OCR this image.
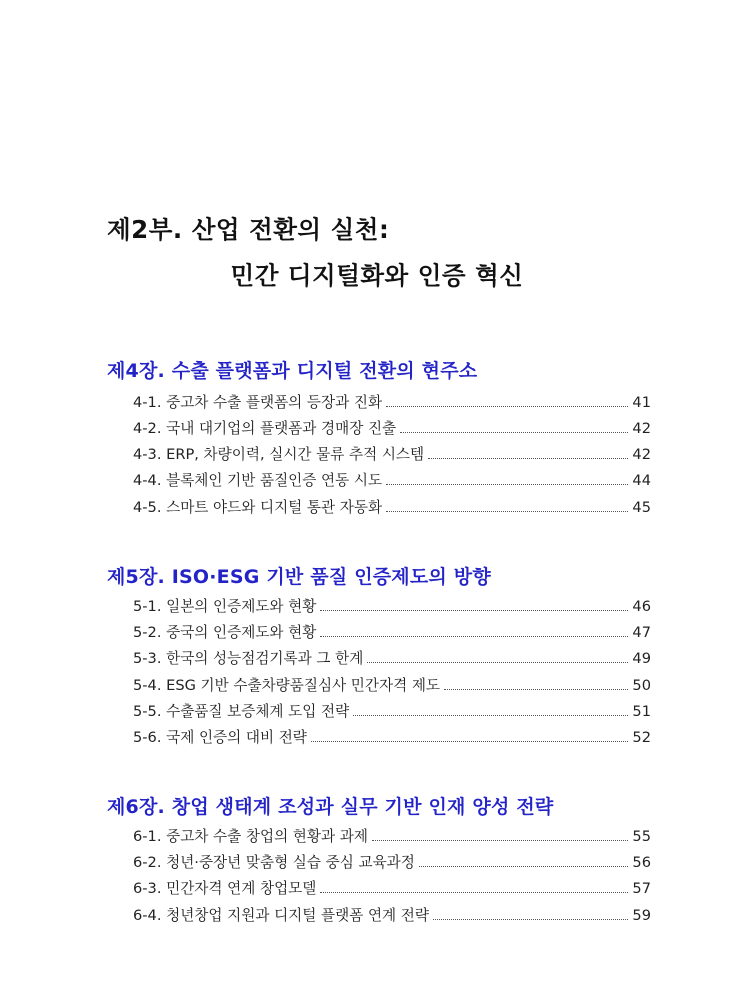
제2부. 산업 전환의 실천:
민간 디지털화와 인증 혁신
제4장. 수출 플랫폼과 디지털 전환의 현주소
4-1. 중고차 수출 플랫폼의 등장과 진화	41
4-2. 국내 대기업의 플랫폼과 경매장 진출	42
4-3. ERP, 차량이력, 실시간 물류 추적 시스템	42
4-4. 블록체인 기반 품질인증 연동 시도	44
4-5. 스마트 야드와 디지털 통관 자동화	45
제5장. ISO·ESG 기반 품질 인증제도의 방향
5-1. 일본의 인증제도와 현황	46
5-2. 중국의 인증제도와 현황	47
5-3. 한국의 성능점검기록과 그 한계	49
5-4. ESG 기반 수출차량품질심사 민간자격 제도	50
5-5. 수출품질 보증체계 도입 전략	51
5-6. 국제 인증의 대비 전략	52
제6장. 창업 생태계 조성과 실무 기반 인재 양성 전략
6-1. 중고차 수출 창업의 현황과 과제	55
6-2. 청년·중장년 맞춤형 실습 중심 교육과정	56
6-3. 민간자격 연계 창업모델	57
6-4. 청년창업 지원과 디지털 플랫폼 연계 전략	59
